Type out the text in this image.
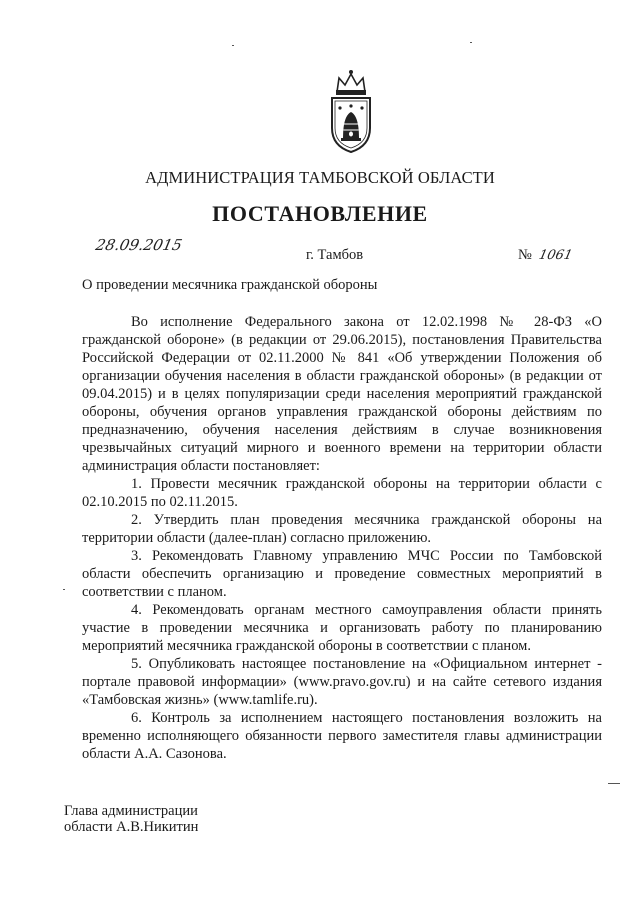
АДМИНИСТРАЦИЯ ТАМБОВСКОЙ ОБЛАСТИ
ПОСТАНОВЛЕНИЕ
28.09.2015
г. Тамбов	№ 1061
О проведении месячника гражданской обороны

Во исполнение Федерального закона от 12.02.1998 № 28-ФЗ «О гражданской обороне» (в редакции от 29.06.2015), постановления Правительства Российской Федерации от 02.11.2000 № 841 «Об утверждении Положения об организации обучения населения в области гражданской обороны» (в редакции от 09.04.2015) и в целях популяризации среди населения мероприятий гражданской обороны, обучения органов управления гражданской обороны действиям по предназначению, обучения населения действиям в случае возникновения чрезвычайных ситуаций мирного и военного времени на территории области администрация области постановляет:

1. Провести месячник гражданской обороны на территории области с 02.10.2015 по 02.11.2015.

2. Утвердить план проведения месячника гражданской обороны на территории области (далее-план) согласно приложению.

3. Рекомендовать Главному управлению МЧС России по Тамбовской области обеспечить организацию и проведение совместных мероприятий в соответствии с планом.

4. Рекомендовать органам местного самоуправления области принять участие в проведении месячника и организовать работу по планированию мероприятий месячника гражданской обороны в соответствии с планом.

5. Опубликовать настоящее постановление на «Официальном интернет - портале правовой информации» (www.pravo.gov.ru) и на сайте сетевого издания «Тамбовская жизнь» (www.tamlife.ru).

6. Контроль за исполнением настоящего постановления возложить на временно исполняющего обязанности первого заместителя главы администрации области А.А. Сазонова.

Глава администрации
области А.В.Никитин
